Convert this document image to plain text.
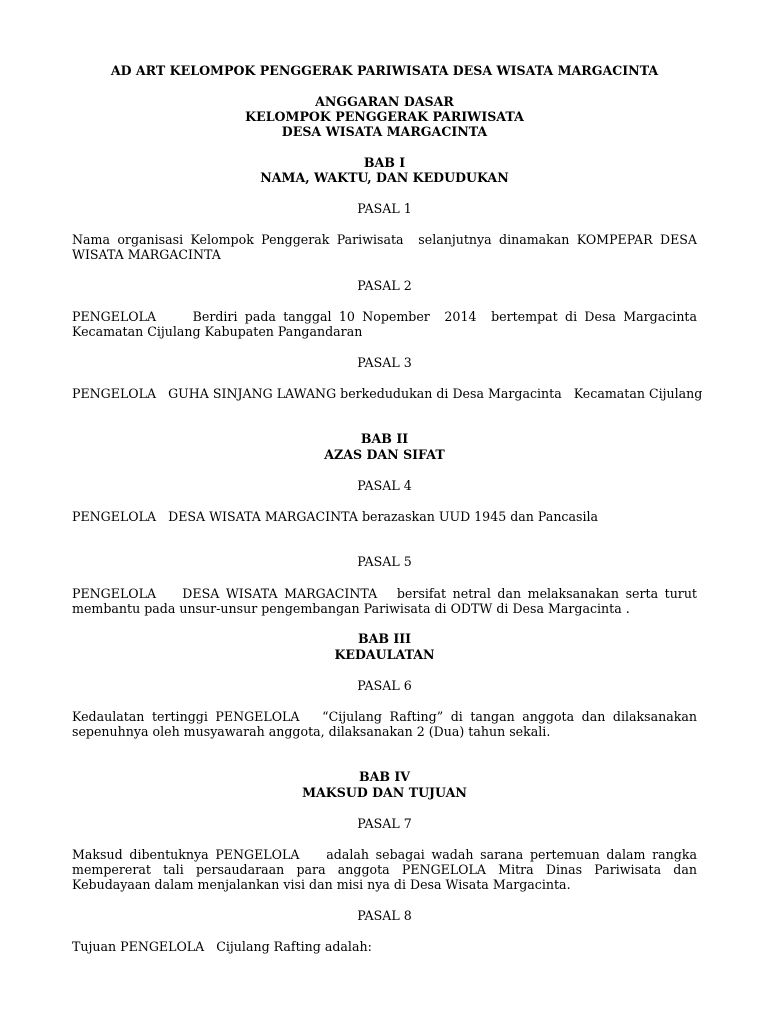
AD ART KELOMPOK PENGGERAK PARIWISATA DESA WISATA MARGACINTA
ANGGARAN DASAR
KELOMPOK PENGGERAK PARIWISATA
DESA WISATA MARGACINTA
BAB I
NAMA, WAKTU, DAN KEDUDUKAN
PASAL 1
Nama organisasi Kelompok Penggerak Pariwisata  selanjutnya dinamakan KOMPEPAR DESA
WISATA MARGACINTA
PASAL 2
PENGELOLA     Berdiri pada tanggal 10 Nopember  2014  bertempat di Desa Margacinta
Kecamatan Cijulang Kabupaten Pangandaran
PASAL 3
PENGELOLA   GUHA SINJANG LAWANG berkedudukan di Desa Margacinta   Kecamatan Cijulang
BAB II
AZAS DAN SIFAT
PASAL 4
PENGELOLA   DESA WISATA MARGACINTA berazaskan UUD 1945 dan Pancasila
PASAL 5
PENGELOLA    DESA WISATA MARGACINTA   bersifat netral dan melaksanakan serta turut
membantu pada unsur-unsur pengembangan Pariwisata di ODTW di Desa Margacinta .
BAB III
KEDAULATAN
PASAL 6
Kedaulatan tertinggi PENGELOLA   “Cijulang Rafting” di tangan anggota dan dilaksanakan
sepenuhnya oleh musyawarah anggota, dilaksanakan 2 (Dua) tahun sekali.
BAB IV
MAKSUD DAN TUJUAN
PASAL 7
Maksud dibentuknya PENGELOLA    adalah sebagai wadah sarana pertemuan dalam rangka
mempererat tali persaudaraan para anggota PENGELOLA Mitra Dinas Pariwisata dan
Kebudayaan dalam menjalankan visi dan misi nya di Desa Wisata Margacinta.
PASAL 8
Tujuan PENGELOLA   Cijulang Rafting adalah:
